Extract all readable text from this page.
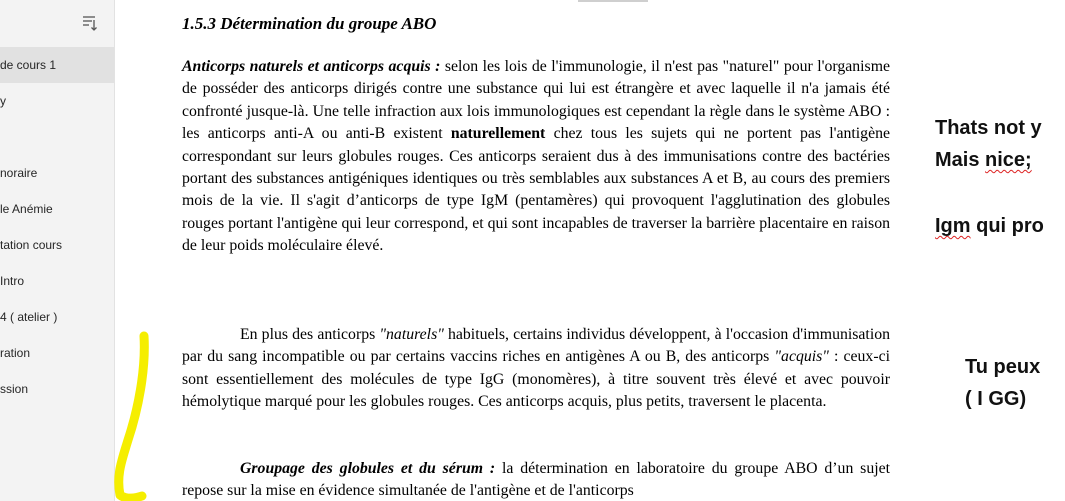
de cours 1
y
noraire
le Anémie
tation cours
Intro
4 ( atelier )
ration
ssion
1.5.3 Détermination du groupe ABO

Anticorps naturels et anticorps acquis : selon les lois de l'immunologie, il n'est pas "naturel" pour l'organisme de posséder des anticorps dirigés contre une substance qui lui est étrangère et avec laquelle il n'a jamais été confronté jusque-là. Une telle infraction aux lois immunologiques est cependant la règle dans le système ABO : les anticorps anti-A ou anti-B existent naturellement chez tous les sujets qui ne portent pas l'antigène correspondant sur leurs globules rouges. Ces anticorps seraient dus à des immunisations contre des bactéries portant des substances antigéniques identiques ou très semblables aux substances A et B, au cours des premiers mois de la vie. Il s'agit d’anticorps de type IgM (pentamères) qui provoquent l'agglutination des globules rouges portant l'antigène qui leur correspond, et qui sont incapables de traverser la barrière placentaire en raison de leur poids moléculaire élevé.

En plus des anticorps "naturels" habituels, certains individus développent, à l'occasion d'immunisation par du sang incompatible ou par certains vaccins riches en antigènes A ou B, des anticorps "acquis" : ceux-ci sont essentiellement des molécules de type IgG (monomères), à titre souvent très élevé et avec pouvoir hémolytique marqué pour les globules rouges. Ces anticorps acquis, plus petits, traversent le placenta.

Groupage des globules et du sérum : la détermination en laboratoire du groupe ABO d’un sujet repose sur la mise en évidence simultanée de l'antigène et de l'anticorps

Thats not y
Mais nice;
Igm qui pro
Tu peux
( I GG)
